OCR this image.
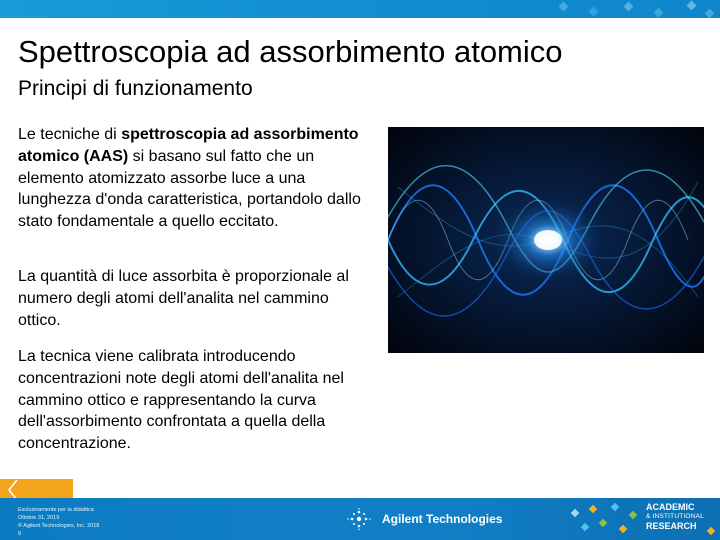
Spettroscopia ad assorbimento atomico
Principi di funzionamento
Le tecniche di spettroscopia ad assorbimento atomico (AAS) si basano sul fatto che un elemento atomizzato assorbe luce a una lunghezza d'onda caratteristica, portandolo dallo stato fondamentale a quello eccitato.
La quantità di luce assorbita è proporzionale al numero degli atomi dell'analita nel cammino ottico.
La tecnica viene calibrata introducendo concentrazioni note degli atomi dell'analita nel cammino ottico e rappresentando la curva dell'assorbimento confrontata a quella della concentrazione.
Esclusivamente per la didattica
Ottobre 31, 2019
© Agilent Technologies, Inc. 2018
9
Agilent Technologies
ACADEMIC
& INSTITUTIONAL
RESEARCH
